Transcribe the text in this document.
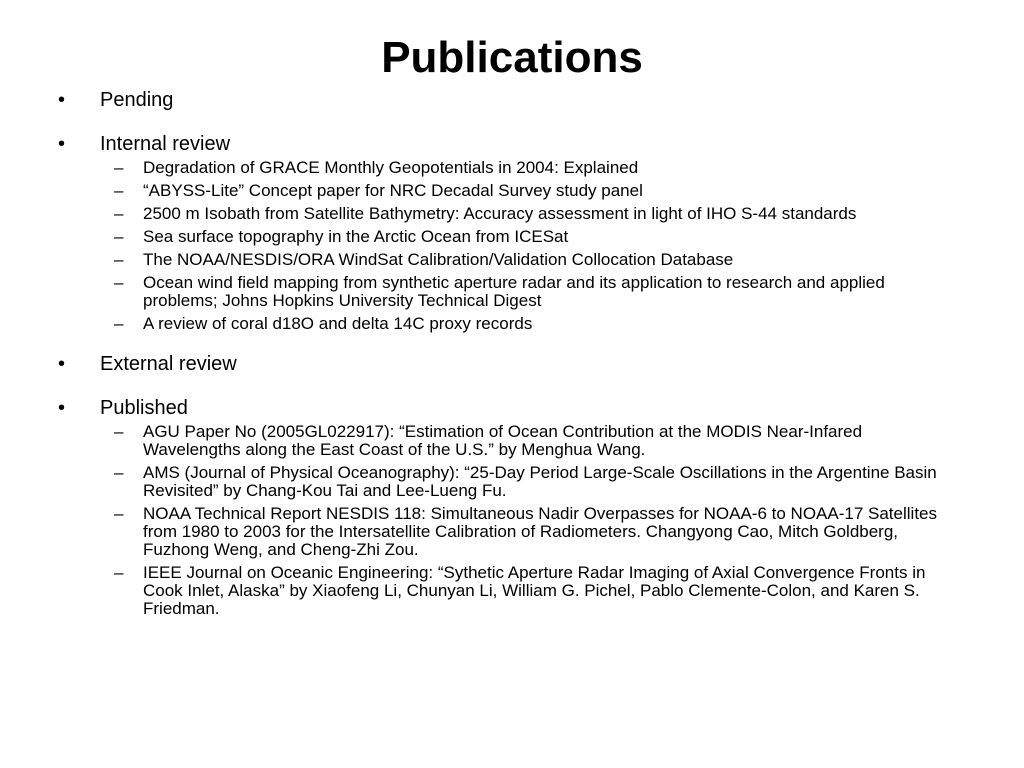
Publications
•	Pending
•	Internal review
–	Degradation of GRACE Monthly Geopotentials in 2004: Explained
–	“ABYSS-Lite” Concept paper for NRC Decadal Survey study panel
–	2500 m Isobath from Satellite Bathymetry: Accuracy assessment in light of IHO S-44 standards
–	Sea surface topography in the Arctic Ocean from ICESat
–	The NOAA/NESDIS/ORA WindSat Calibration/Validation Collocation Database
–	Ocean wind field mapping from synthetic aperture radar and its application to research and applied problems; Johns Hopkins University Technical Digest
–	A review of coral d18O and delta 14C proxy records
•	External review
•	Published
–	AGU Paper No (2005GL022917): “Estimation of Ocean Contribution at the MODIS Near-Infared Wavelengths along the East Coast of the U.S.” by Menghua Wang.
–	AMS (Journal of Physical Oceanography): “25-Day Period Large-Scale Oscillations in the Argentine Basin Revisited” by Chang-Kou Tai and Lee-Lueng Fu.
–	NOAA Technical Report NESDIS 118: Simultaneous Nadir Overpasses for NOAA-6 to NOAA-17 Satellites from 1980 to 2003 for the Intersatellite Calibration of Radiometers. Changyong Cao, Mitch Goldberg, Fuzhong Weng, and Cheng-Zhi Zou.
–	IEEE Journal on Oceanic Engineering: “Sythetic Aperture Radar Imaging of Axial Convergence Fronts in Cook Inlet, Alaska” by Xiaofeng Li, Chunyan Li, William G. Pichel, Pablo Clemente-Colon, and Karen S. Friedman.
